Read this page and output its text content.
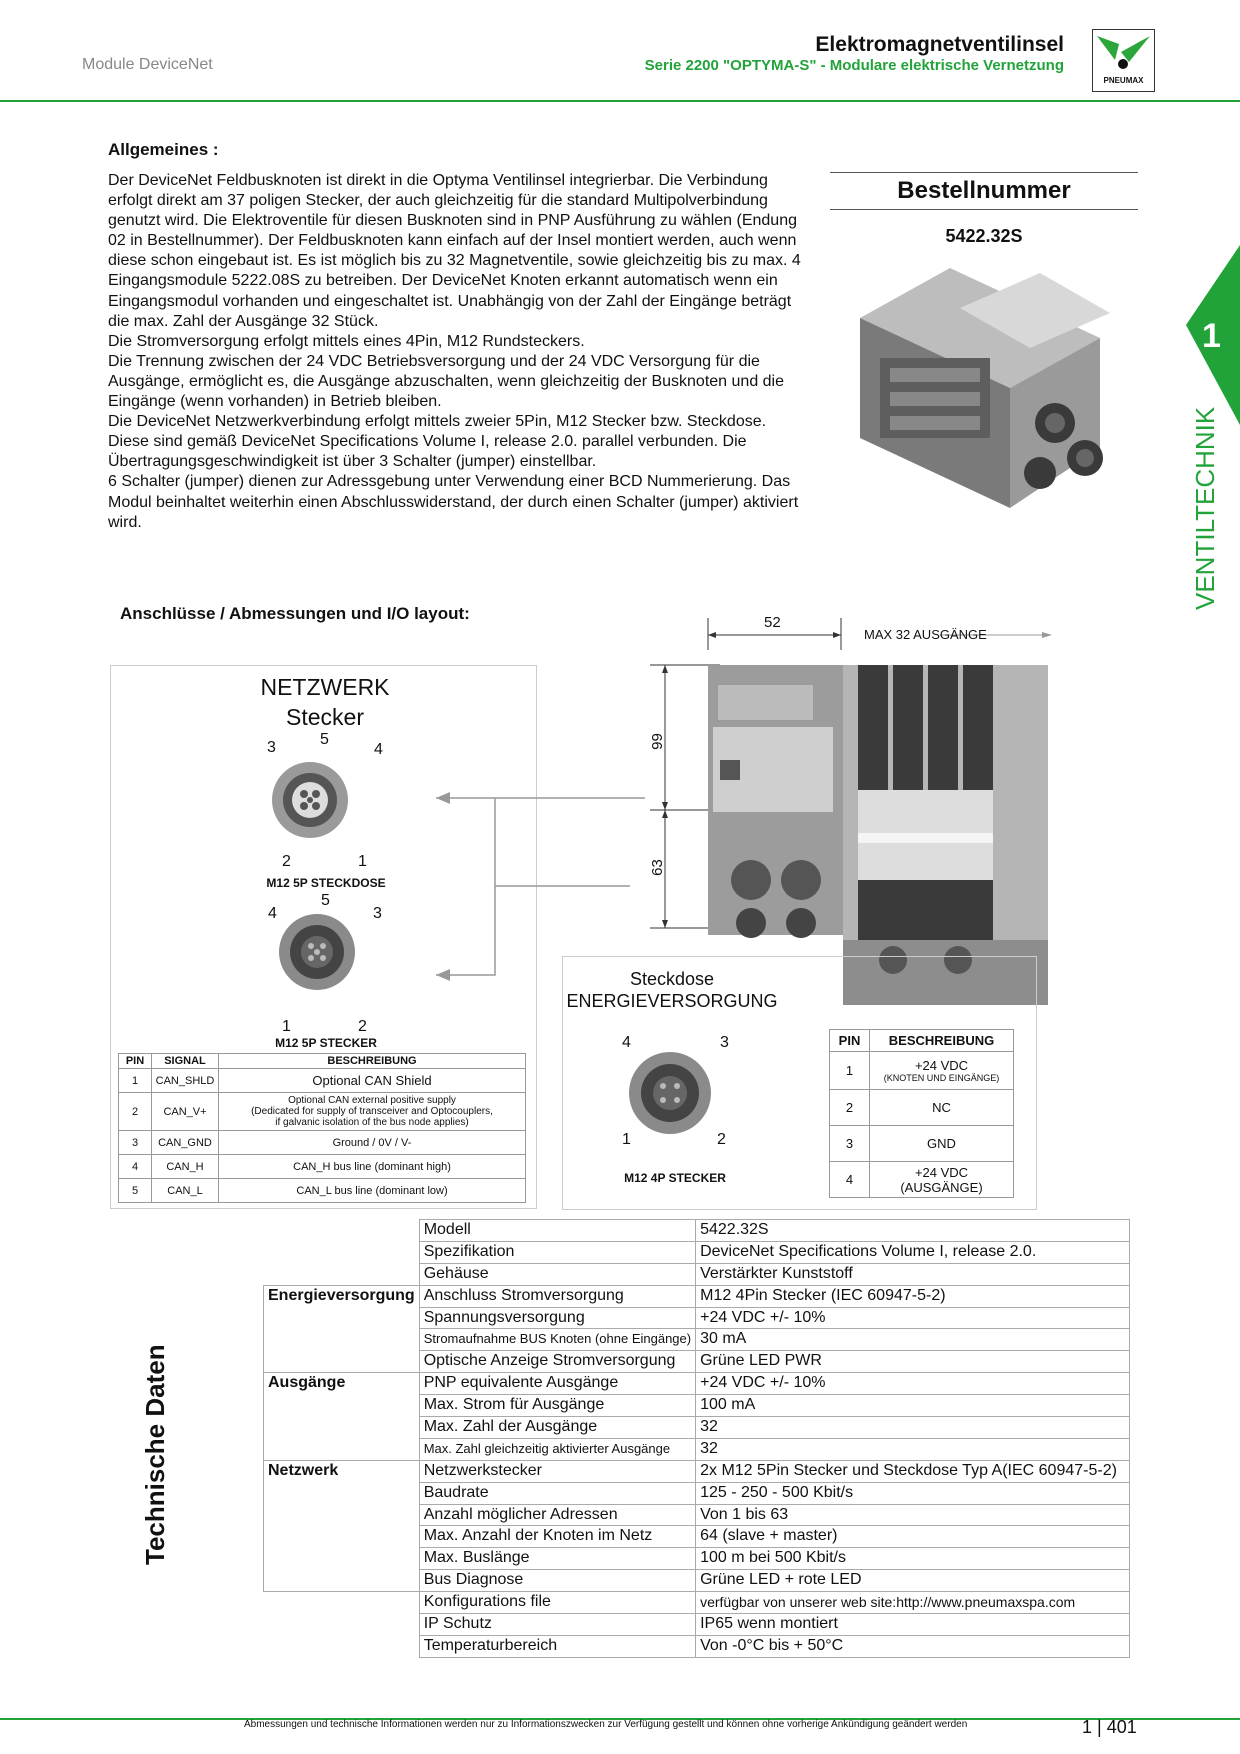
Module DeviceNet
Elektromagnetventilinsel
Serie 2200 "OPTYMA-S" - Modulare elektrische Vernetzung
PNEUMAX
1
VENTILTECHNIK
Allgemeines :

Der DeviceNet Feldbusknoten ist direkt in die Optyma Ventilinsel integrierbar. Die Verbindung erfolgt direkt am 37 poligen Stecker, der auch gleichzeitig für die standard Multipolverbindung genutzt wird. Die Elektroventile für diesen Busknoten sind in PNP Ausführung zu wählen (Endung 02 in Bestellnummer). Der Feldbusknoten kann einfach auf der Insel montiert werden, auch wenn diese schon eingebaut ist. Es ist möglich bis zu 32 Magnetventile, sowie gleichzeitig bis zu max. 4 Eingangsmodule 5222.08S zu betreiben. Der DeviceNet Knoten erkannt automatisch wenn ein Eingangsmodul vorhanden und eingeschaltet ist. Unabhängig von der Zahl der Eingänge beträgt die max. Zahl der Ausgänge 32 Stück.

Die Stromversorgung erfolgt mittels eines 4Pin, M12 Rundsteckers.

Die Trennung zwischen der 24 VDC Betriebsversorgung und der 24 VDC Versorgung für die Ausgänge, ermöglicht es, die Ausgänge abzuschalten, wenn gleichzeitig der Busknoten und die Eingänge (wenn vorhanden) in Betrieb bleiben.

Die DeviceNet Netzwerkverbindung erfolgt mittels zweier 5Pin, M12 Stecker bzw. Steckdose. Diese sind gemäß DeviceNet Specifications Volume I, release 2.0. parallel verbunden. Die Übertragungsgeschwindigkeit ist über 3 Schalter (jumper) einstellbar.

6 Schalter (jumper) dienen zur Adressgebung unter Verwendung einer BCD Nummerierung. Das Modul beinhaltet weiterhin einen Abschlusswiderstand, der durch einen Schalter (jumper) aktiviert wird.

Bestellnummer
5422.32S
Anschlüsse / Abmessungen und I/O layout:
NETZWERK
Stecker
3	5
4
2	1
M12 5P STECKDOSE
4
5
3
1	2
M12 5P STECKER
PIN	SIGNAL	BESCHREIBUNG
1	CAN_SHLD	Optional CAN Shield
2	CAN_V+	Optional CAN external positive supply
(Dedicated for supply of transceiver and Optocouplers,
if galvanic isolation of the bus node applies)
3	CAN_GND	Ground / 0V / V-
4	CAN_H	CAN_H bus line (dominant high)
5	CAN_L	CAN_L bus line (dominant low)
52
99
63
MAX 32 AUSGÄNGE
Steckdose
ENERGIEVERSORGUNG
4	3
1	2
M12 4P STECKER
PIN	BESCHREIBUNG
1	+24 VDC
(KNOTEN UND EINGÄNGE)

2	NC
3	GND
4	+24 VDC (AUSGÄNGE)
Technische Daten
	Modell	5422.32S
	Spezifikation	DeviceNet Specifications Volume I, release 2.0.
	Gehäuse	Verstärkter Kunststoff
Energieversorgung	Anschluss Stromversorgung	M12 4Pin Stecker (IEC 60947-5-2)
	Spannungsversorgung	+24 VDC +/- 10%
	Stromaufnahme BUS Knoten (ohne Eingänge)	30 mA
	Optische Anzeige Stromversorgung	Grüne LED PWR
Ausgänge	PNP equivalente Ausgänge	+24 VDC +/- 10%
	Max. Strom für Ausgänge	100 mA
	Max. Zahl der Ausgänge	32
	Max. Zahl gleichzeitig aktivierter Ausgänge	32
Netzwerk	Netzwerkstecker	2x M12 5Pin Stecker und Steckdose Typ A(IEC 60947-5-2)
	Baudrate	125 - 250 - 500 Kbit/s
	Anzahl möglicher Adressen	Von 1 bis 63
	Max. Anzahl der Knoten im Netz	64 (slave + master)
	Max. Buslänge	100 m bei 500 Kbit/s
	Bus Diagnose	Grüne LED + rote LED
	Konfigurations file	verfügbar von unserer web site:http://www.pneumaxspa.com
	IP Schutz	IP65 wenn montiert
	Temperaturbereich	Von -0°C bis + 50°C
Abmessungen und technische Informationen werden nur zu Informationszwecken zur Verfügung gestellt und können ohne vorherige Ankündigung geändert werden	1 | 401
